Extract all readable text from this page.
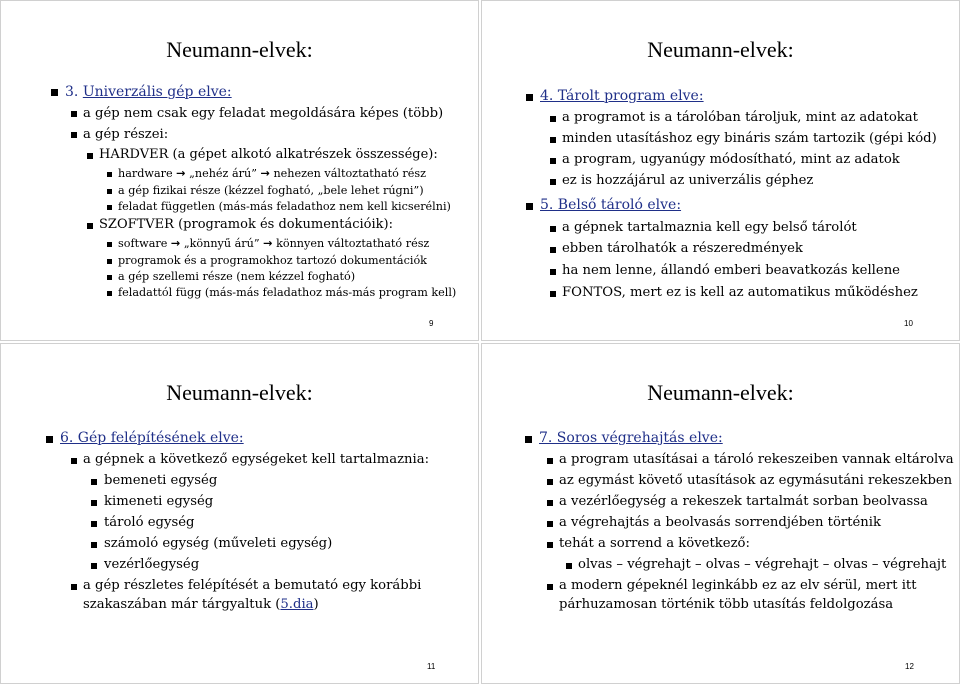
Neumann-elvek:
3. Univerzális gép elve:
a gép nem csak egy feladat megoldására képes (több)
a gép részei:
HARDVER (a gépet alkotó alkatrészek összessége):
hardware → „nehéz árú” → nehezen változtatható rész
a gép fizikai része (kézzel fogható, „bele lehet rúgni”)
feladat független (más-más feladathoz nem kell kicserélni)
SZOFTVER (programok és dokumentációik):
software → „könnyű árú” → könnyen változtatható rész
programok és a programokhoz tartozó dokumentációk
a gép szellemi része (nem kézzel fogható)
feladattól függ (más-más feladathoz más-más program kell)
9
Neumann-elvek:
4. Tárolt program elve:
a programot is a tárolóban tároljuk, mint az adatokat
minden utasításhoz egy bináris szám tartozik (gépi kód)
a program, ugyanúgy módosítható, mint az adatok
ez is hozzájárul az univerzális géphez
5. Belső tároló elve:
a gépnek tartalmaznia kell egy belső tárolót
ebben tárolhatók a részeredmények
ha nem lenne, állandó emberi beavatkozás kellene
FONTOS, mert ez is kell az automatikus működéshez
10
Neumann-elvek:
6. Gép felépítésének elve:
a gépnek a következő egységeket kell tartalmaznia:
bemeneti egység
kimeneti egység
tároló egység
számoló egység (műveleti egység)
vezérlőegység
a gép részletes felépítését a bemutató egy korábbi
szakaszában már tárgyaltuk (5.dia)
11
Neumann-elvek:
7. Soros végrehajtás elve:
a program utasításai a tároló rekeszeiben vannak eltárolva
az egymást követő utasítások az egymásutáni rekeszekben
a vezérlőegység a rekeszek tartalmát sorban beolvassa
a végrehajtás a beolvasás sorrendjében történik
tehát a sorrend a következő:
olvas – végrehajt – olvas – végrehajt – olvas – végrehajt
a modern gépeknél leginkább ez az elv sérül, mert itt
párhuzamosan történik több utasítás feldolgozása
12
